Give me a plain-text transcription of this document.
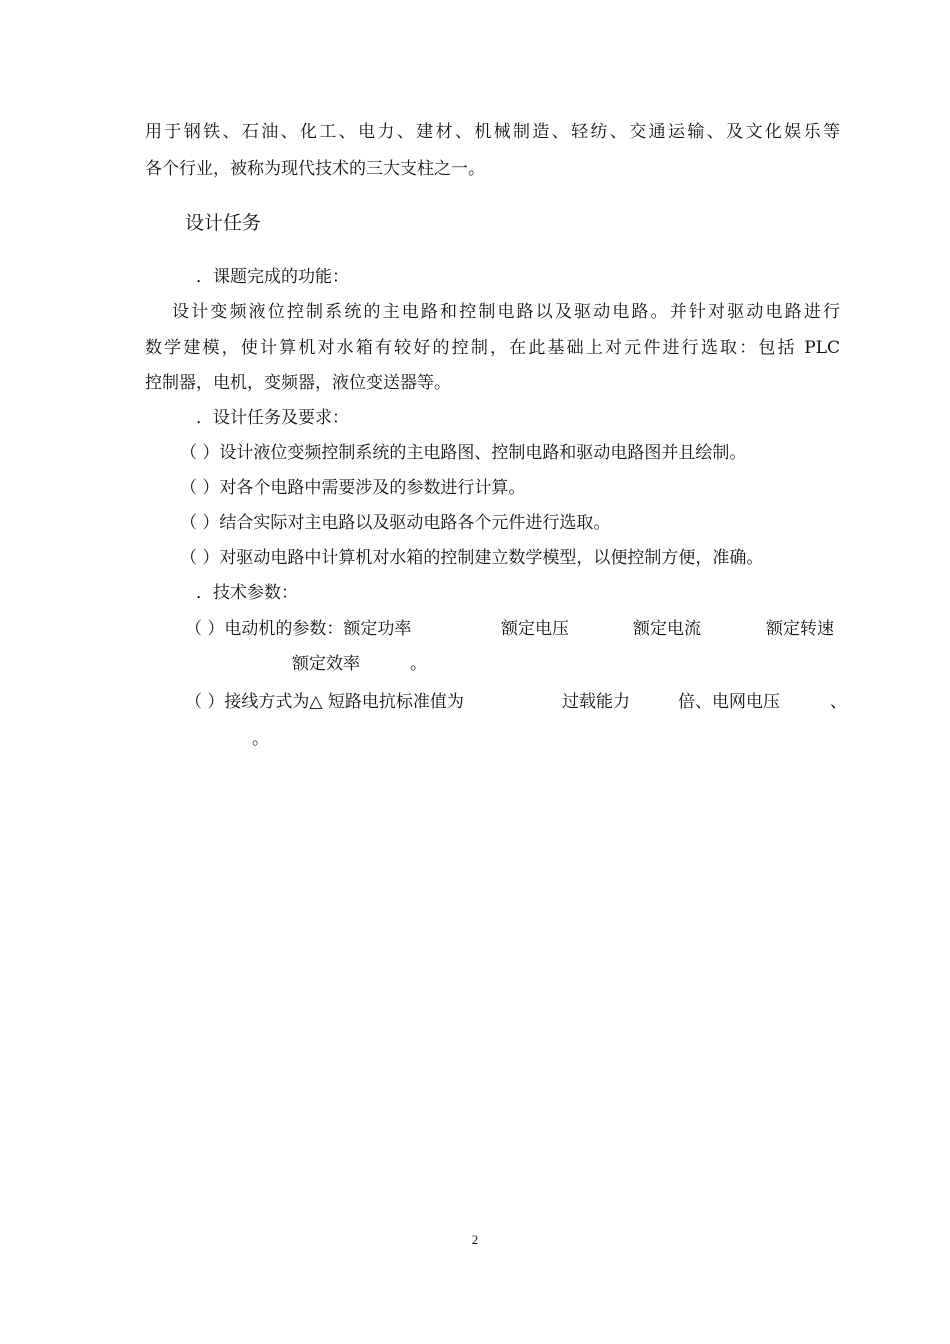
用于钢铁、石油、化工、电力、建材、机械制造、轻纺、交通运输、及文化娱乐等
各个行业，被称为现代技术的三大支柱之一。
设计任务
．课题完成的功能：
设计变频液位控制系统的主电路和控制电路以及驱动电路。并针对驱动电路进行
数学建模，使计算机对水箱有较好的控制，在此基础上对元件进行选取：包括 PLC
控制器，电机，变频器，液位变送器等。
．设计任务及要求：
（ ）设计液位变频控制系统的主电路图、控制电路和驱动电路图并且绘制。
（ ）对各个电路中需要涉及的参数进行计算。
（ ）结合实际对主电路以及驱动电路各个元件进行选取。
（ ）对驱动电路中计算机对水箱的控制建立数学模型，以便控制方便，准确。
．技术参数：
（ ）电动机的参数：额定功率	额定电压	额定电流	额定转速
额定效率	。
（ ）接线方式为△ 短路电抗标准值为	过载能力	倍、电网电压	、
。
2
